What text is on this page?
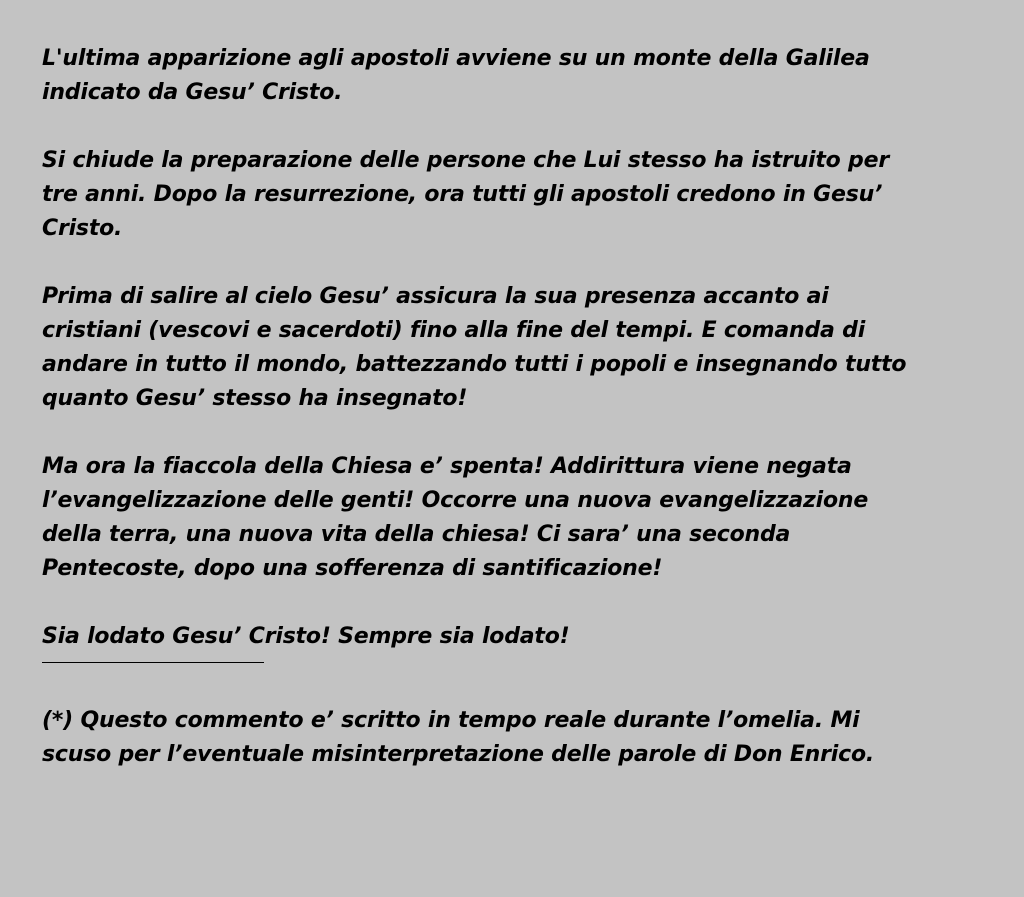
L'ultima apparizione agli apostoli avviene su un monte della Galilea
indicato da Gesu’ Cristo.
Si chiude la preparazione delle persone che Lui stesso ha istruito per
tre anni. Dopo la resurrezione, ora tutti gli apostoli credono in Gesu’
Cristo.
Prima di salire al cielo Gesu’ assicura la sua presenza accanto ai
cristiani (vescovi e sacerdoti) fino alla fine del tempi. E comanda di
andare in tutto il mondo, battezzando tutti i popoli e insegnando tutto
quanto Gesu’ stesso ha insegnato!
Ma ora la fiaccola della Chiesa e’ spenta! Addirittura viene negata
l’evangelizzazione delle genti! Occorre una nuova evangelizzazione
della terra, una nuova vita della chiesa! Ci sara’ una seconda
Pentecoste, dopo una sofferenza di santificazione!
Sia lodato Gesu’ Cristo! Sempre sia lodato!
(*) Questo commento e’ scritto in tempo reale durante l’omelia. Mi
scuso per l’eventuale misinterpretazione delle parole di Don Enrico.
